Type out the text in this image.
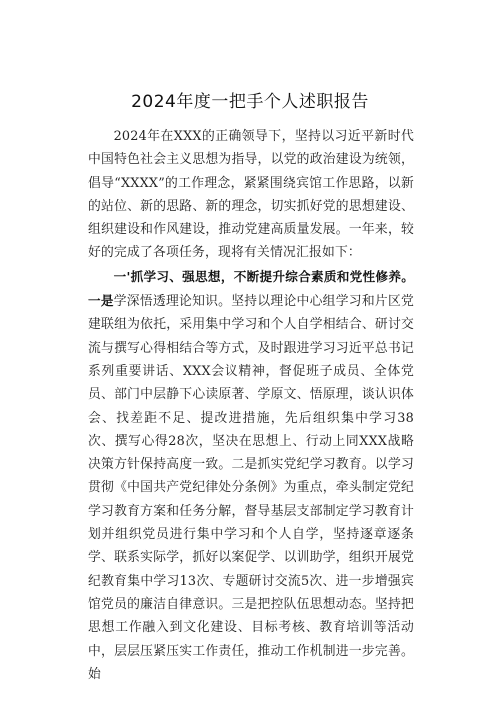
2024年度一把手个人述职报告

2024年在XXX的正确领导下，坚持以习近平新时代中国特色社会主义思想为指导，以党的政治建设为统领，倡导“XXXX”的工作理念，紧紧围绕宾馆工作思路，以新的站位、新的思路、新的理念，切实抓好党的思想建设、组织建设和作风建设，推动党建高质量发展。一年来，较好的完成了各项任务，现将有关情况汇报如下：

一'抓学习、强思想，不断提升综合素质和党性修养。一是学深悟透理论知识。坚持以理论中心组学习和片区党建联组为依托，采用集中学习和个人自学相结合、研讨交流与撰写心得相结合等方式，及时跟进学习习近平总书记系列重要讲话、XXX会议精神，督促班子成员、全体党员、部门中层静下心读原著、学原文、悟原理，谈认识体会、找差距不足、提改进措施，先后组织集中学习38次、撰写心得28次，坚决在思想上、行动上同XXX战略决策方针保持高度一致。二是抓实党纪学习教育。以学习贯彻《中国共产党纪律处分条例》为重点，牵头制定党纪学习教育方案和任务分解，督导基层支部制定学习教育计划并组织党员进行集中学习和个人自学，坚持逐章逐条学、联系实际学，抓好以案促学、以训助学，组织开展党纪教育集中学习13次、专题研讨交流5次、进一步增强宾馆党员的廉洁自律意识。三是把控队伍思想动态。坚持把思想工作融入到文化建设、目标考核、教育培训等活动中，层层压紧压实工作责任，推动工作机制进一步完善。始
